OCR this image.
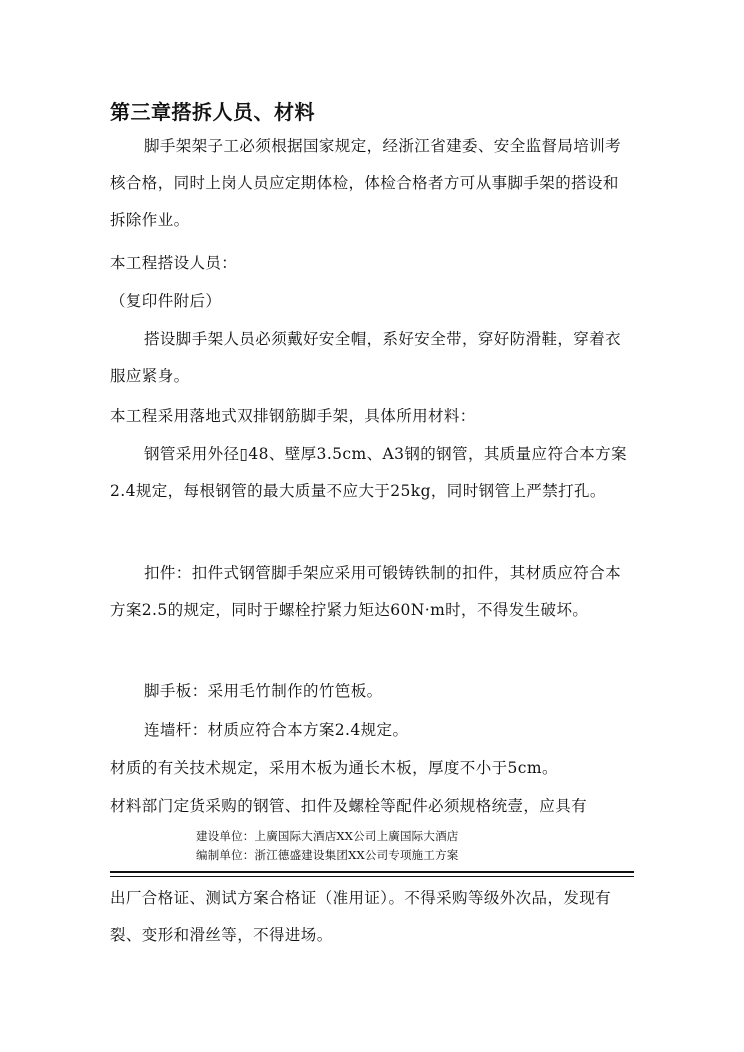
第三章搭拆人员、材料
脚手架架子工必须根据国家规定，经浙江省建委、安全监督局培训考核合格，同时上岗人员应定期体检，体检合格者方可从事脚手架的搭设和拆除作业。
本工程搭设人员：
（复印件附后）
搭设脚手架人员必须戴好安全帽，系好安全带，穿好防滑鞋，穿着衣服应紧身。
本工程采用落地式双排钢筋脚手架，具体所用材料：
钢管采用外径▯48、壁厚3.5cm、A3钢的钢管，其质量应符合本方案2.4规定，每根钢管的最大质量不应大于25kg，同时钢管上严禁打孔。
扣件：扣件式钢管脚手架应采用可锻铸铁制的扣件，其材质应符合本方案2.5的规定，同时于螺栓拧紧力矩达60N·m时，不得发生破坏。
脚手板：采用毛竹制作的竹笆板。
连墙杆：材质应符合本方案2.4规定。
材质的有关技术规定，采用木板为通长木板，厚度不小于5cm。
材料部门定货采购的钢管、扣件及螺栓等配件必须规格统壹，应具有
建设单位：上廣国际大酒店XX公司上廣国际大酒店
编制单位：浙江德盛建设集团XX公司专项施工方案
出厂合格证、测试方案合格证（准用证）。不得采购等级外次品，发现有裂、变形和滑丝等，不得进场。
